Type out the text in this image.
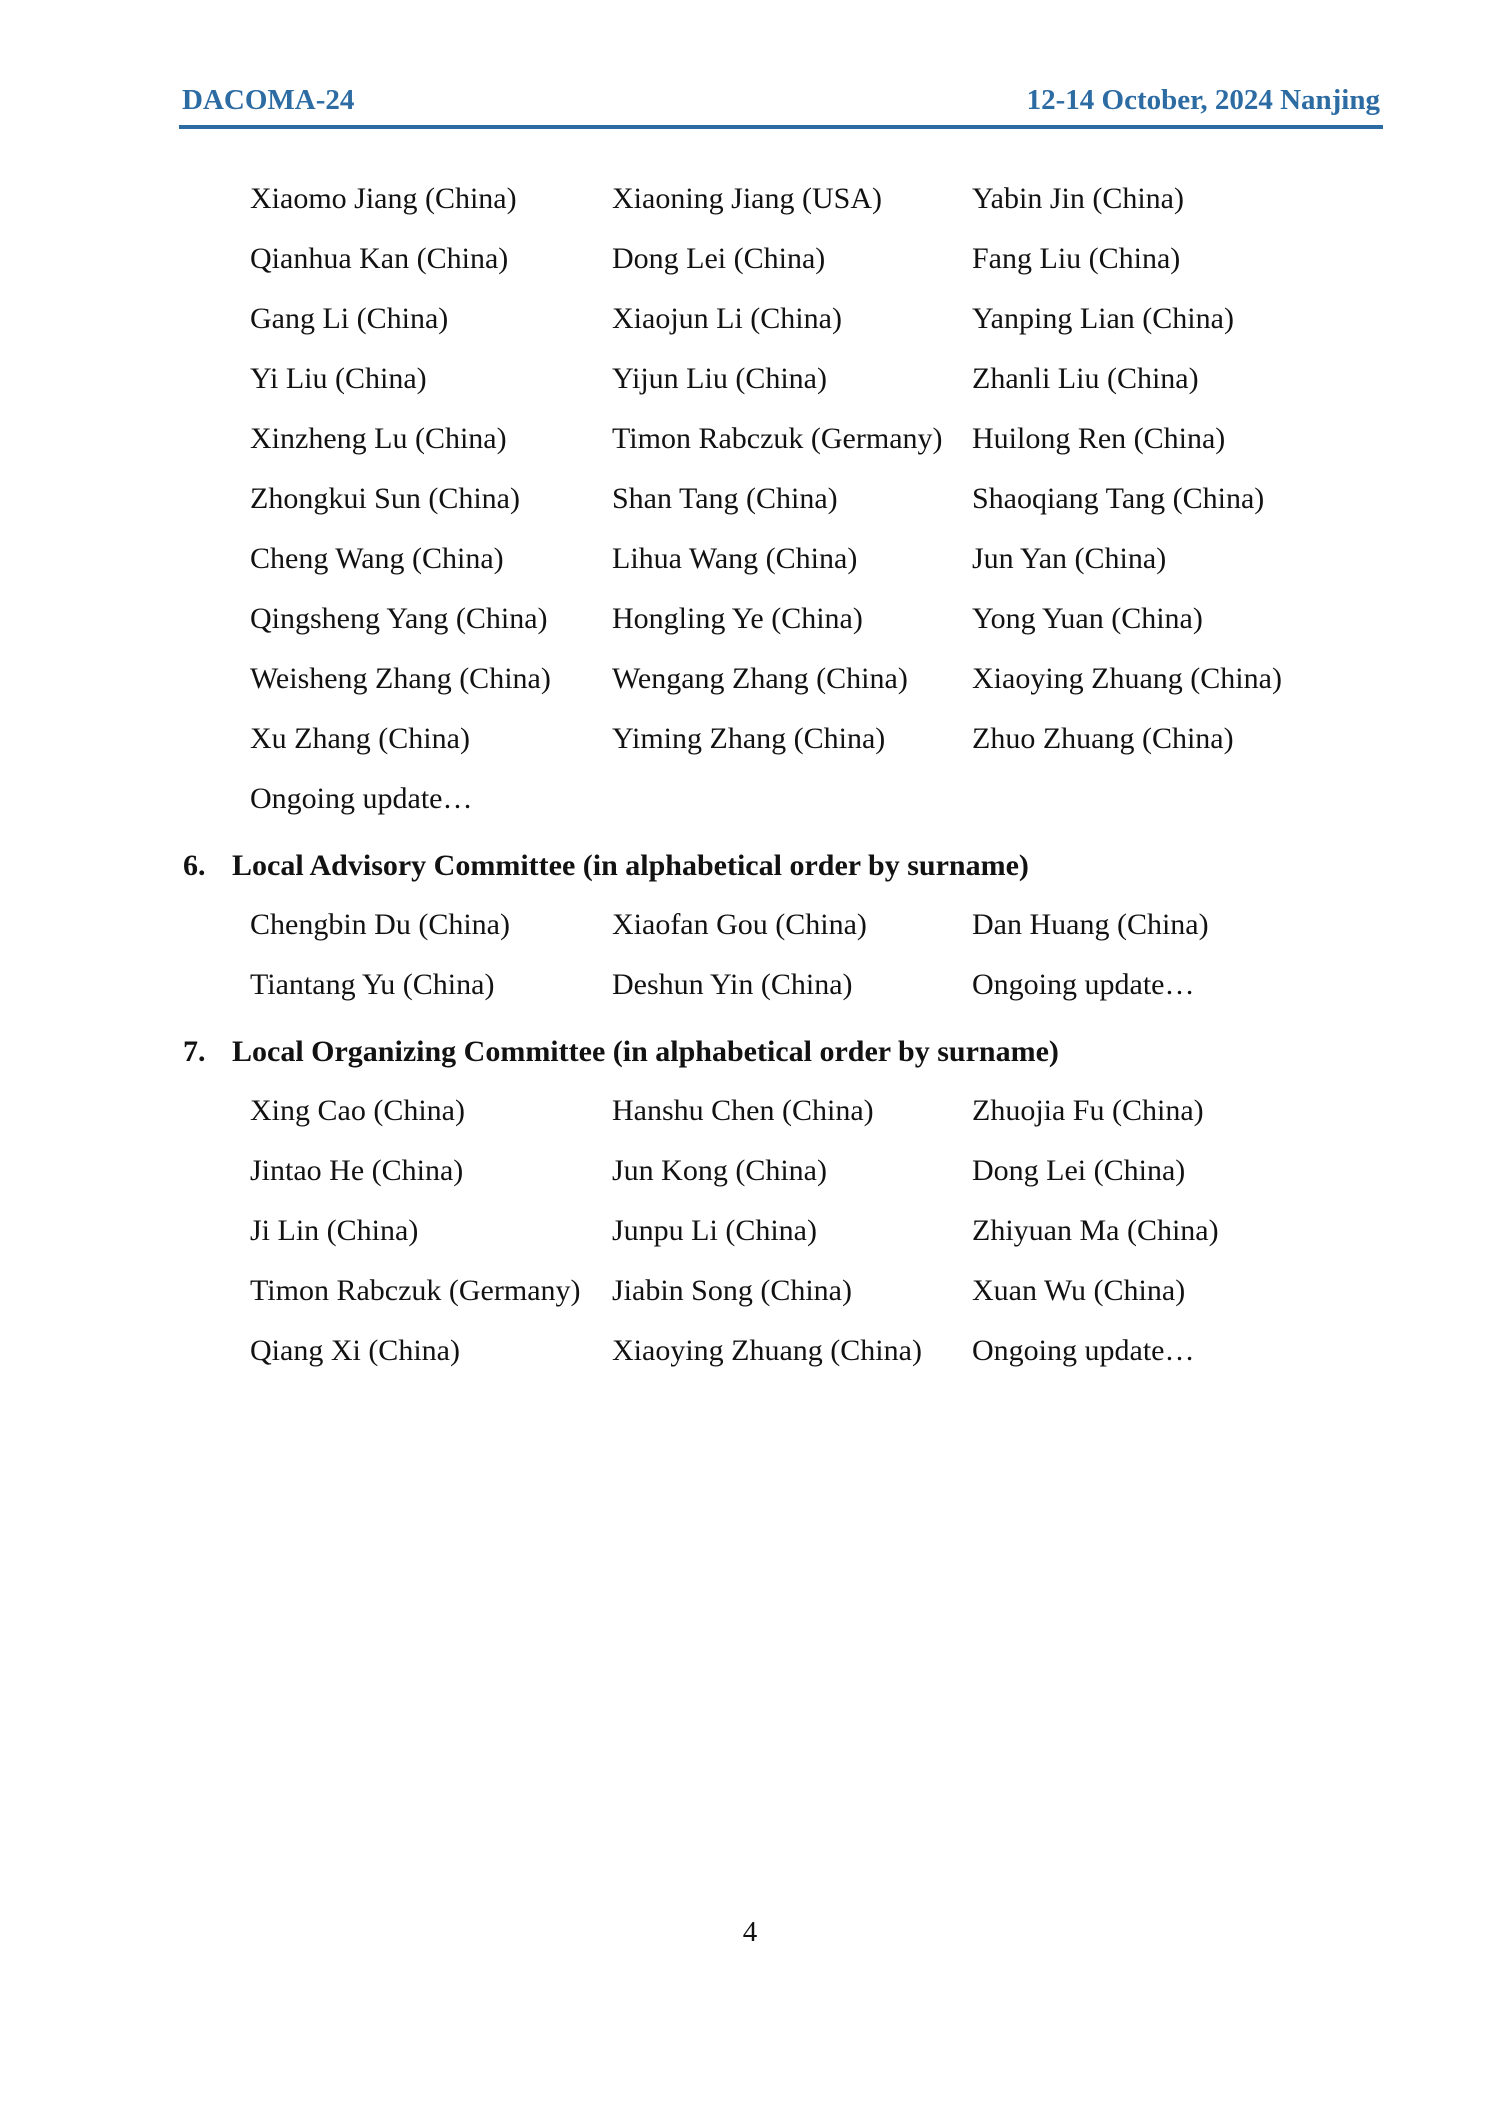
DACOMA-24	12-14 October, 2024 Nanjing
Xiaomo Jiang (China)	Xiaoning Jiang (USA)	Yabin Jin (China)
Qianhua Kan (China)	Dong Lei (China)	Fang Liu (China)
Gang Li (China)	Xiaojun Li (China)	Yanping Lian (China)
Yi Liu (China)	Yijun Liu (China)	Zhanli Liu (China)
Xinzheng Lu (China)	Timon Rabczuk (Germany) Huilong Ren (China)
Zhongkui Sun (China)	Shan Tang (China)	Shaoqiang Tang (China)
Cheng Wang (China)	Lihua Wang (China)	Jun Yan (China)
Qingsheng Yang (China)	Hongling Ye (China)	Yong Yuan (China)
Weisheng Zhang (China)	Wengang Zhang (China)	Xiaoying Zhuang (China)
Xu Zhang (China)	Yiming Zhang (China)	Zhuo Zhuang (China)
Ongoing update…
6. Local Advisory Committee (in alphabetical order by surname)
Chengbin Du (China)	Xiaofan Gou (China)	Dan Huang (China)
Tiantang Yu (China)	Deshun Yin (China)	Ongoing update…
7. Local Organizing Committee (in alphabetical order by surname)
Xing Cao (China)	Hanshu Chen (China)	Zhuojia Fu (China)
Jintao He (China)	Jun Kong (China)	Dong Lei (China)
Ji Lin (China)	Junpu Li (China)	Zhiyuan Ma (China)
Timon Rabczuk (Germany)	Jiabin Song (China)	Xuan Wu (China)
Qiang Xi (China)	Xiaoying Zhuang (China)	Ongoing update…
4
